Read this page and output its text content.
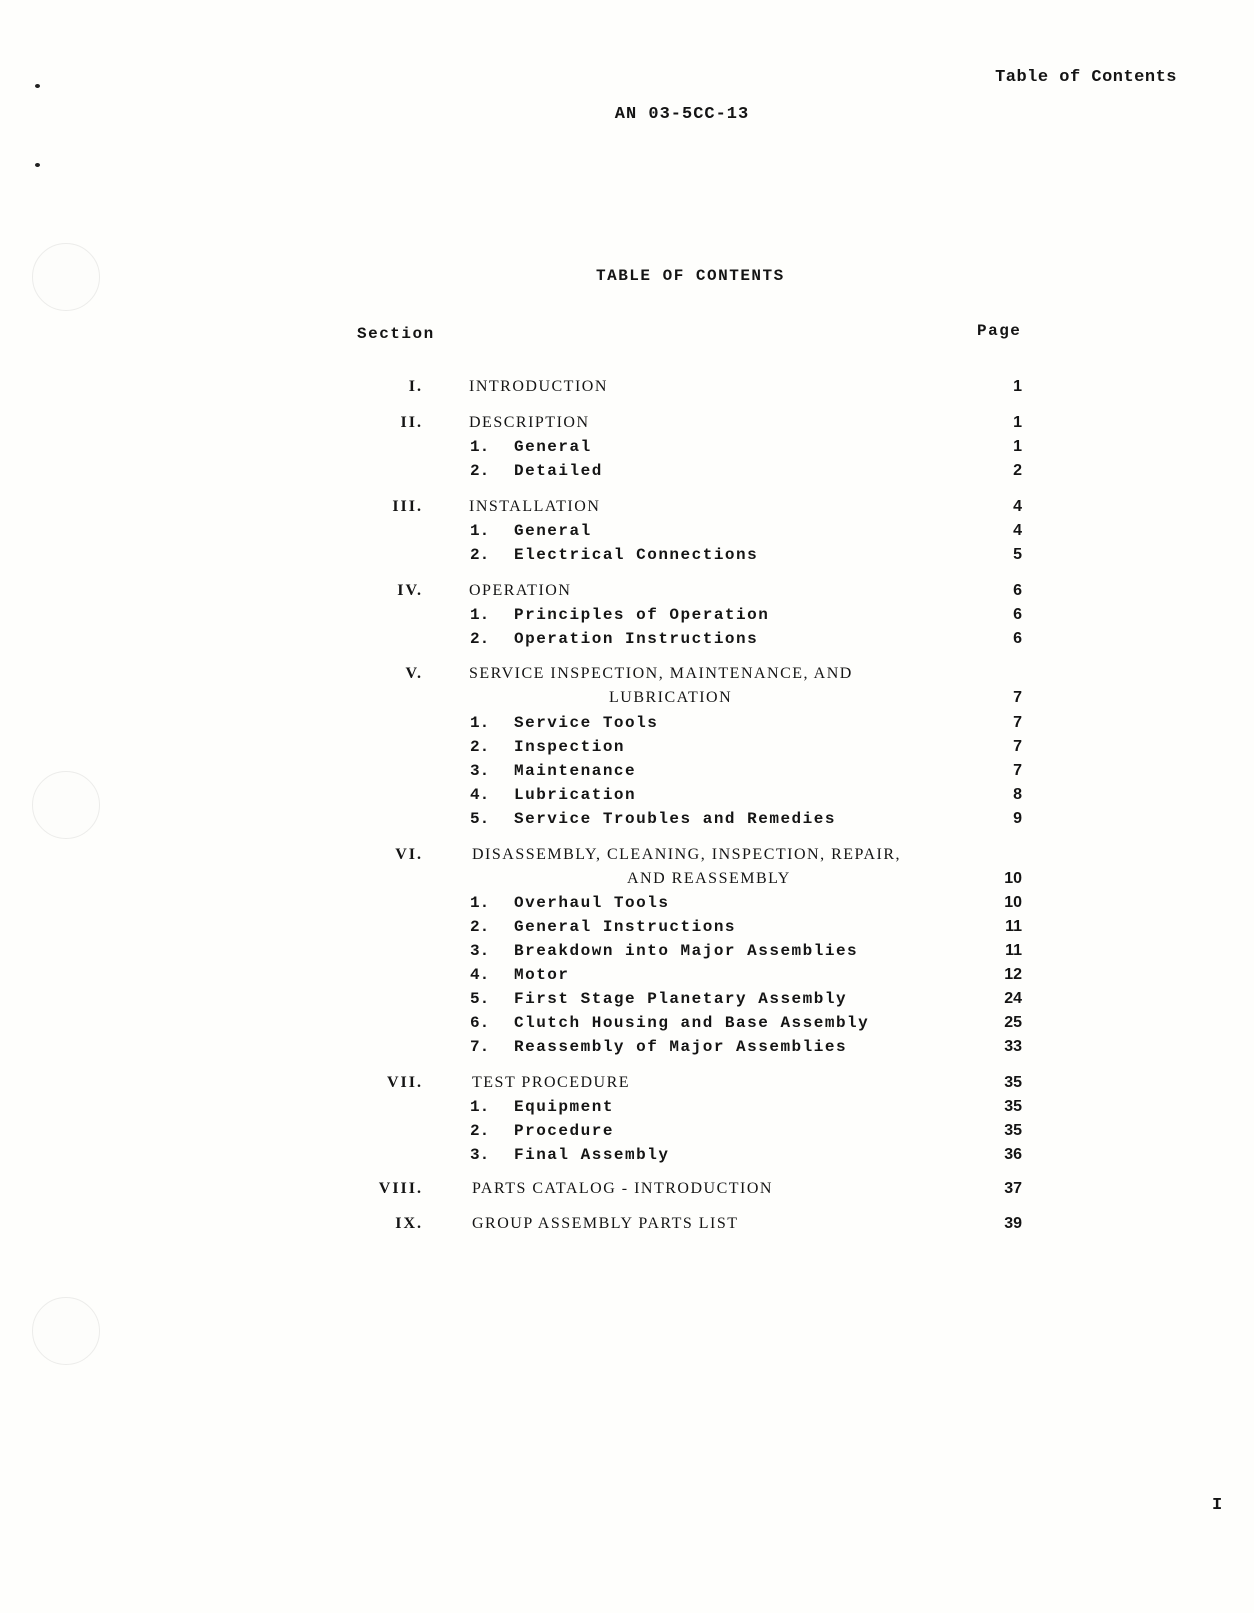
Table of Contents
AN 03-5CC-13
TABLE OF CONTENTS
Section	Page
I.	INTRODUCTION	1
II.	DESCRIPTION	1
1. General	1
2. Detailed	2
III.	INSTALLATION	4
1. General	4
2. Electrical Connections	5
IV.	OPERATION	6
1. Principles of Operation	6
2. Operation Instructions	6
V.	SERVICE INSPECTION, MAINTENANCE, AND
LUBRICATION	7
1. Service Tools	7
2. Inspection	7
3. Maintenance	7
4. Lubrication	8
5. Service Troubles and Remedies	9
VI.	DISASSEMBLY, CLEANING, INSPECTION, REPAIR,
AND REASSEMBLY	10
1. Overhaul Tools	10
2. General Instructions	11
3. Breakdown into Major Assemblies	11
4. Motor	12
5. First Stage Planetary Assembly	24
6. Clutch Housing and Base Assembly	25
7. Reassembly of Major Assemblies	33
VII.	TEST PROCEDURE	35
1. Equipment	35
2. Procedure	35
3. Final Assembly	36
VIII.	PARTS CATALOG - INTRODUCTION	37
IX.	GROUP ASSEMBLY PARTS LIST	39
I
